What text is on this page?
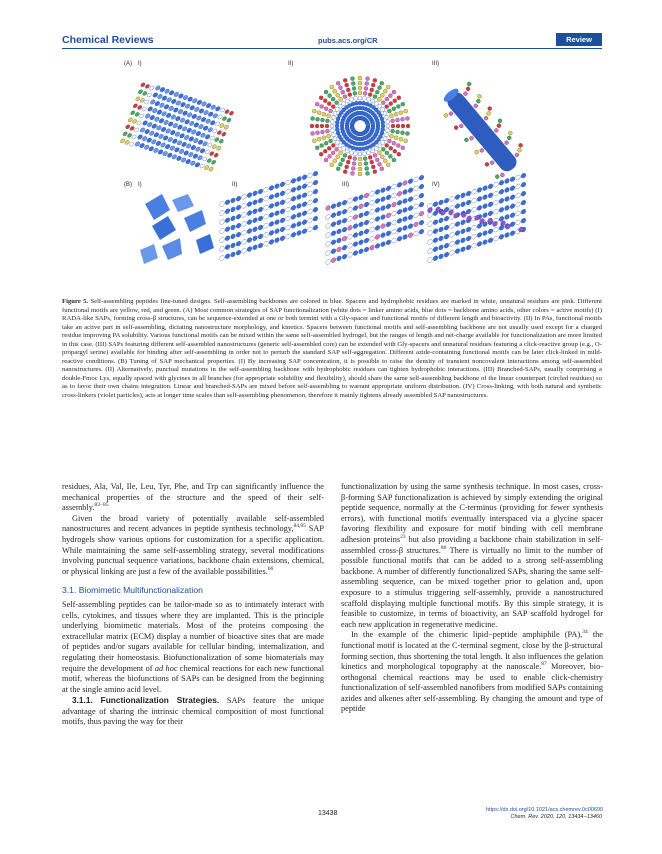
Chemical Reviews	pubs.acs.org/CR	Review
(A) I)	II)	III)
(B) I)	II)	III)	IV)
Figure 5. Self-assembling peptides fine-tuned designs. Self-assembling backbones are colored in blue. Spacers and hydrophobic residues are marked in white, unnatural residues are pink. Different functional motifs are yellow, red, and green. (A) Most common strategies of SAP functionalization (white dots = linker amino acids, blue dots = backbone amino acids, other colors = active motifs) (I) RADA-like SAPs, forming cross-β structures, can be sequence-extended at one or both termini with a Gly-spacer and functional motifs of different length and bioactivity. (II) In PAs, functional motifs take an active part in self-assembling, dictating nanostructure morphology, and kinetics. Spacers between functional motifs and self-assembling backbone are not usually used except for a charged residue improving PA solubility. Various functional motifs can be mixed within the same self-assembled hydrogel, but the ranges of length and net-charge available for functionalization are more limited in this case. (III) SAPs featuring different self-assembled nanostructures (generic self-assembled core) can be extended with Gly-spacers and unnatural residues featuring a click-reactive group (e.g., O-propargyl serine) available for binding after self-assembling in order not to perturb the standard SAP self-aggregation. Different azide-containing functional motifs can be later click-linked in mild-reactive conditions. (B) Tuning of SAP mechanical properties. (I) By increasing SAP concentration, it is possible to raise the density of transient noncovalent interactions among self-assembled nanostructures. (II) Alternatively, punctual mutations in the self-assembling backbone with hydrophobic residues can tighten hydrophobic interactions. (III) Branched-SAPs, usually comprising a double-Fmoc Lys, equally spaced with glycines in all branches (for appropriate solubility and flexibility), should share the same self-assembling backbone of the linear counterpart (circled residues) so as to favor their own chains integration. Linear and branched-SAPs are mixed before self-assembling to warrant appropriate uniform distribution. (IV) Cross-linking, with both natural and synthetic cross-linkers (violet particles), acts at longer time scales than self-assembling phenomenon, therefore it mainly tightens already assembled SAP nanostructures.

residues, Ala, Val, Ile, Leu, Tyr, Phe, and Trp can significantly influence the mechanical properties of the structure and the speed of their self-assembly.$^{83-85}$

Given the broad variety of potentially available self-assembled nanostructures and recent advances in peptide synthesis technology,$^{84,85}$ SAP hydrogels show various options for customization for a specific application. While maintaining the same self-assembling strategy, several modifications involving punctual sequence variations, backbone chain extensions, chemical, or physical linking are just a few of the available possibilities.$^{66}$

3.1. Biomimetic Multifunctionalization

Self-assembling peptides can be tailor-made so as to intimately interact with cells, cytokines, and tissues where they are implanted. This is the principle underlying biomimetic materials. Most of the proteins composing the extracellular matrix (ECM) display a number of bioactive sites that are made of peptides and/or sugars available for cellular binding, internalization, and regulating their homeostasis. Biofunctionalization of some biomaterials may require the development of ad hoc chemical reactions for each new functional motif, whereas the biofunctions of SAPs can be designed from the beginning at the single amino acid level.

3.1.1. Functionalization Strategies. SAPs feature the unique advantage of sharing the intrinsic chemical composition of most functional motifs, thus paving the way for their

functionalization by using the same synthesis technique. In most cases, cross-β-forming SAP functionalization is achieved by simply extending the original peptide sequence, normally at the C-terminus (providing for fewer synthesis errors), with functional motifs eventually interspaced via a glycine spacer favoring flexibility and exposure for motif binding with cell membrane adhesion proteins$^{23}$ but also providing a backbone chain stabilization in self-assembled cross-β structures.$^{86}$ There is virtually no limit to the number of possible functional motifs that can be added to a strong self-assembling backbone. A number of differently functionalized SAPs, sharing the same self-assembling sequence, can be mixed together prior to gelation and, upon exposure to a stimulus triggering self-assembly, provide a nanostructured scaffold displaying multiple functional motifs. By this simple strategy, it is feasible to customize, in terms of bioactivity, an SAP scaffold hydrogel for each new application in regenerative medicine.

In the example of the chimeric lipid−peptide amphiphile (PA),$^{34}$ the functional motif is located at the C-terminal segment, close by the β-structural forming section, thus shortening the total length. It also influences the gelation kinetics and morphological topography at the nanoscale.$^{87}$ Moreover, bio-orthogonal chemical reactions may be used to enable click-chemistry functionalization of self-assembled nanofibers from modified SAPs containing azides and alkenes after self-assembling. By changing the amount and type of peptide

13438	https://dx.doi.org/10.1021/acs.chemrev.0c00690
Chem. Rev. 2020, 120, 13434−13460
